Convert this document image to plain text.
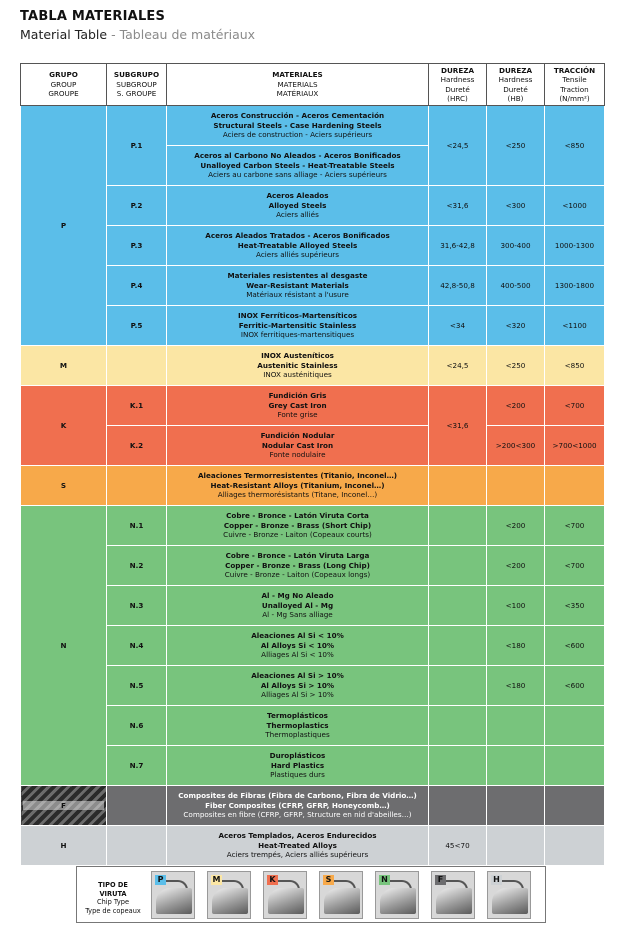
TABLA MATERIALES
Material Table - Tableau de matériaux
GRUPO
GROUP
GROUPE	SUBGRUPO
SUBGROUP
S. GROUPE	MATERIALES
MATERIALS
MATÉRIAUX	DUREZA
Hardness
Dureté
(HRC)	DUREZA
Hardness
Dureté
(HB)	TRACCIÓN
Tensile
Traction
(N/mm²)

P	P.1	Aceros Construcción - Aceros Cementación
Structural Steels - Case Hardening Steels
Aciers de construction - Aciers supérieurs	<24,5	<250	<850

		Aceros al Carbono No Aleados - Aceros Bonificados
Unalloyed Carbon Steels - Heat-Treatable Steels
Aciers au carbone sans alliage - Aciers supérieurs			

	P.2	Aceros Aleados
Alloyed Steels
Aciers alliés	<31,6	<300	<1000
	P.3	Aceros Aleados Tratados - Aceros Bonificados
Heat-Treatable Alloyed Steels
Aciers alliés supérieurs	31,6-42,8	300-400	1000-1300
	P.4	Materiales resistentes al desgaste
Wear-Resistant Materials
Matériaux résistant a l'usure	42,8-50,8	400-500	1300-1800
	P.5	INOX Ferríticos-Martensíticos
Ferritic-Martensitic Stainless
INOX ferritiques-martensitiques	<34	<320	<1100

M		INOX Austeníticos
Austenitic Stainless
INOX austénitiques	<24,5	<250	<850

K	K.1	Fundición Gris
Grey Cast Iron
Fonte grise	<31,6	<200	<700
	K.2	Fundición Nodular
Nodular Cast Iron
Fonte nodulaire		>200<300	>700<1000

S		Aleaciones Termorresistentes (Titanio, Inconel…)
Heat-Resistant Alloys (Titanium, Inconel…)
Alliages thermorésistants (Titane, Inconel…)			

N	N.1	Cobre - Bronce - Latón Viruta Corta
Copper - Bronze - Brass (Short Chip)
Cuivre - Bronze - Laiton (Copeaux courts)		<200	<700
	N.2	Cobre - Bronce - Latón Viruta Larga
Copper - Bronze - Brass (Long Chip)
Cuivre - Bronze - Laiton (Copeaux longs)		<200	<700
	N.3	Al - Mg No Aleado
Unalloyed Al - Mg
Al - Mg Sans alliage		<100	<350
	N.4	Aleaciones Al Si < 10%
Al Alloys Si < 10%
Alliages Al Si < 10%		<180	<600
	N.5	Aleaciones Al Si > 10%
Al Alloys Si > 10%
Alliages Al Si > 10%		<180	<600
	N.6	Termoplásticos
Thermoplastics
Thermoplastiques			

	N.7	Duroplásticos
Hard Plastics
Plastiques durs			

F		Composites de Fibras (Fibra de Carbono, Fibra de Vidrio…)
Fiber Composites (CFRP, GFRP, Honeycomb…)
Composites en fibre (CFRP, GFRP, Structure en nid d'abeilles…)			

H		Aceros Templados, Aceros Endurecidos
Heat-Treated Alloys
Aciers trempés, Aciers alliés supérieurs	45<70		
TIPO DE VIRUTA
Chip Type
Type de copeaux
P	M	K	S	N	F	H
